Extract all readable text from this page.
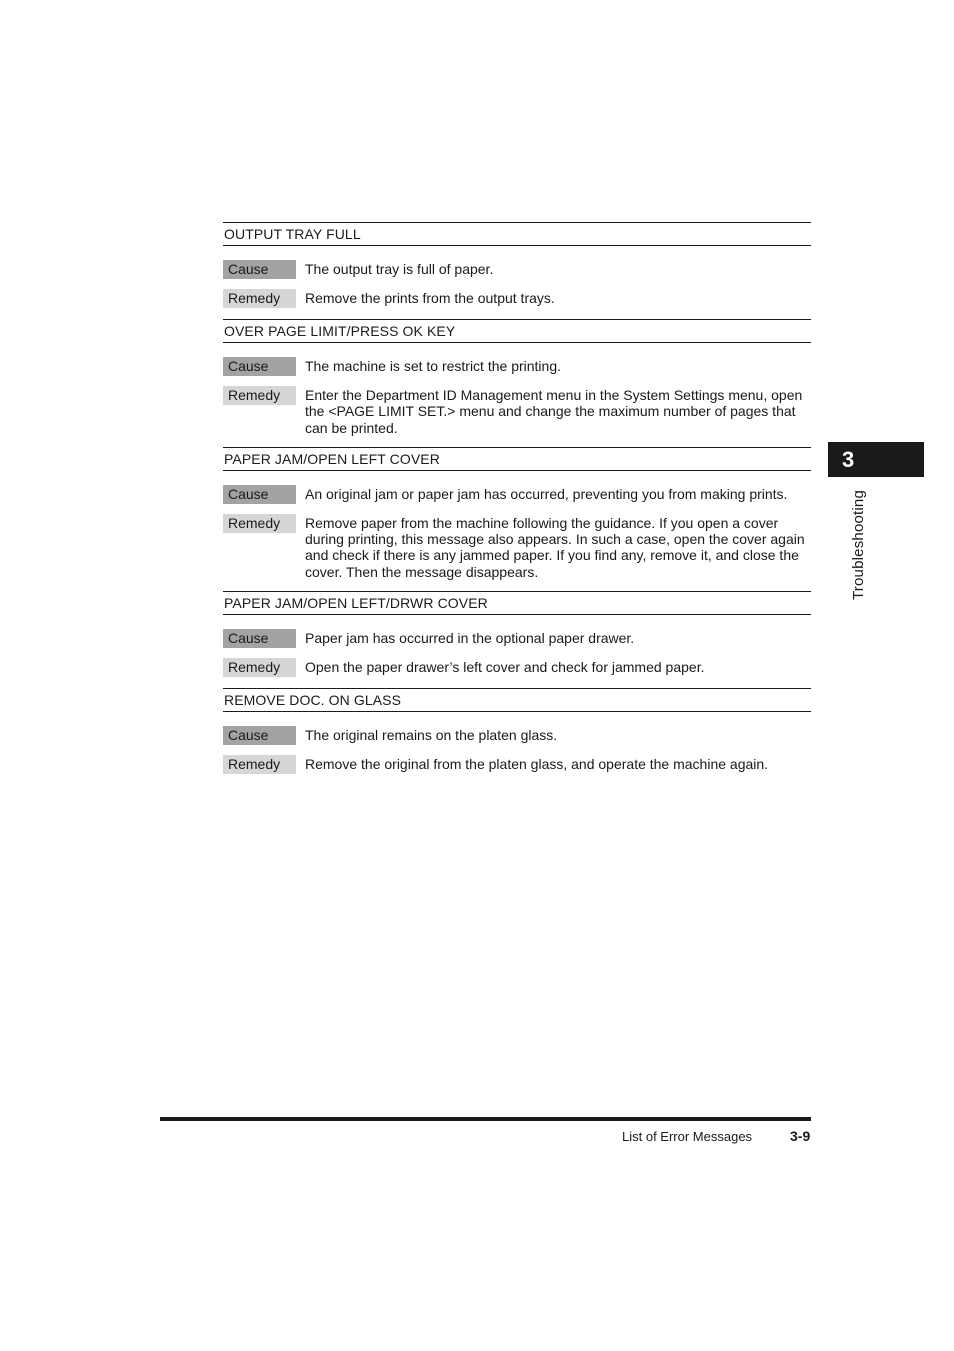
OUTPUT TRAY FULL
Cause	The output tray is full of paper.
Remedy	Remove the prints from the output trays.
OVER PAGE LIMIT/PRESS OK KEY
Cause	The machine is set to restrict the printing.
Remedy	Enter the Department ID Management menu in the System Settings menu, open the <PAGE LIMIT SET.> menu and change the maximum number of pages that can be printed.
PAPER JAM/OPEN LEFT COVER
Cause	An original jam or paper jam has occurred, preventing you from making prints.
Remedy	Remove paper from the machine following the guidance. If you open a cover during printing, this message also appears. In such a case, open the cover again and check if there is any jammed paper. If you find any, remove it, and close the cover. Then the message disappears.
PAPER JAM/OPEN LEFT/DRWR COVER
Cause	Paper jam has occurred in the optional paper drawer.
Remedy	Open the paper drawer’s left cover and check for jammed paper.
REMOVE DOC. ON GLASS
Cause	The original remains on the platen glass.
Remedy	Remove the original from the platen glass, and operate the machine again.
3
Troubleshooting
List of Error Messages	3-9
